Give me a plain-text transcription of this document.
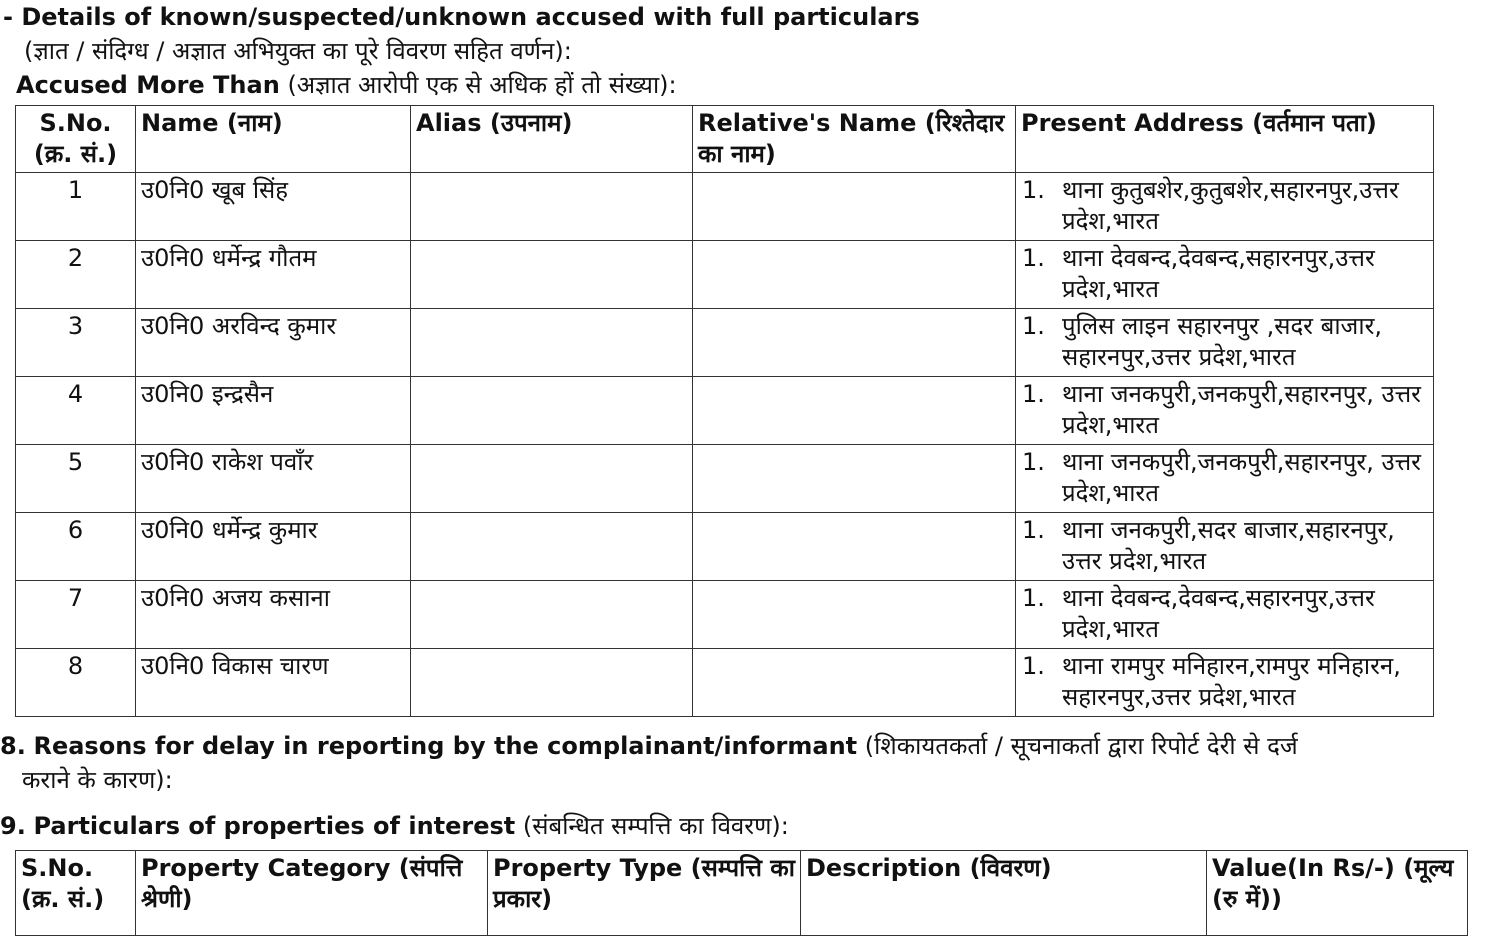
- Details of known/suspected/unknown accused with full particulars
(ज्ञात / संदिग्ध / अज्ञात अभियुक्त का पूरे विवरण सहित वर्णन):
Accused More Than (अज्ञात आरोपी एक से अधिक हों तो संख्या):
S.No.(क्र. सं.)	Name (नाम)	Alias (उपनाम)	Relative's Name (रिश्तेदार का नाम)	Present Address (वर्तमान पता)
1	उ0नि0 खूब सिंह			1. थाना कुतुबशेर,कुतुबशेर,सहारनपुर,उत्तर प्रदेश,भारत

2	उ0नि0 धर्मेन्द्र गौतम			1. थाना देवबन्द,देवबन्द,सहारनपुर,उत्तर प्रदेश,भारत

3	उ0नि0 अरविन्द कुमार			1. पुलिस लाइन सहारनपुर ,सदर बाजार, सहारनपुर,उत्तर प्रदेश,भारत

4	उ0नि0 इन्द्रसैन			1. थाना जनकपुरी,जनकपुरी,सहारनपुर, उत्तर प्रदेश,भारत

5	उ0नि0 राकेश पवाँर			1. थाना जनकपुरी,जनकपुरी,सहारनपुर, उत्तर प्रदेश,भारत

6	उ0नि0 धर्मेन्द्र कुमार			1. थाना जनकपुरी,सदर बाजार,सहारनपुर, उत्तर प्रदेश,भारत

7	उ0नि0 अजय कसाना			1. थाना देवबन्द,देवबन्द,सहारनपुर,उत्तर प्रदेश,भारत

8	उ0नि0 विकास चारण			1. थाना रामपुर मनिहारन,रामपुर मनिहारन, सहारनपुर,उत्तर प्रदेश,भारत
8. Reasons for delay in reporting by the complainant/informant (शिकायतकर्ता / सूचनाकर्ता द्वारा रिपोर्ट देरी से दर्ज
कराने के कारण):
9. Particulars of properties of interest (संबन्धित सम्पत्ति का विवरण):
S.No. (क्र. सं.)	Property Category (संपत्ति श्रेणी)	Property Type (सम्पत्ति का प्रकार)	Description (विवरण)	Value(In Rs/-) (मूल्य (रु में))
